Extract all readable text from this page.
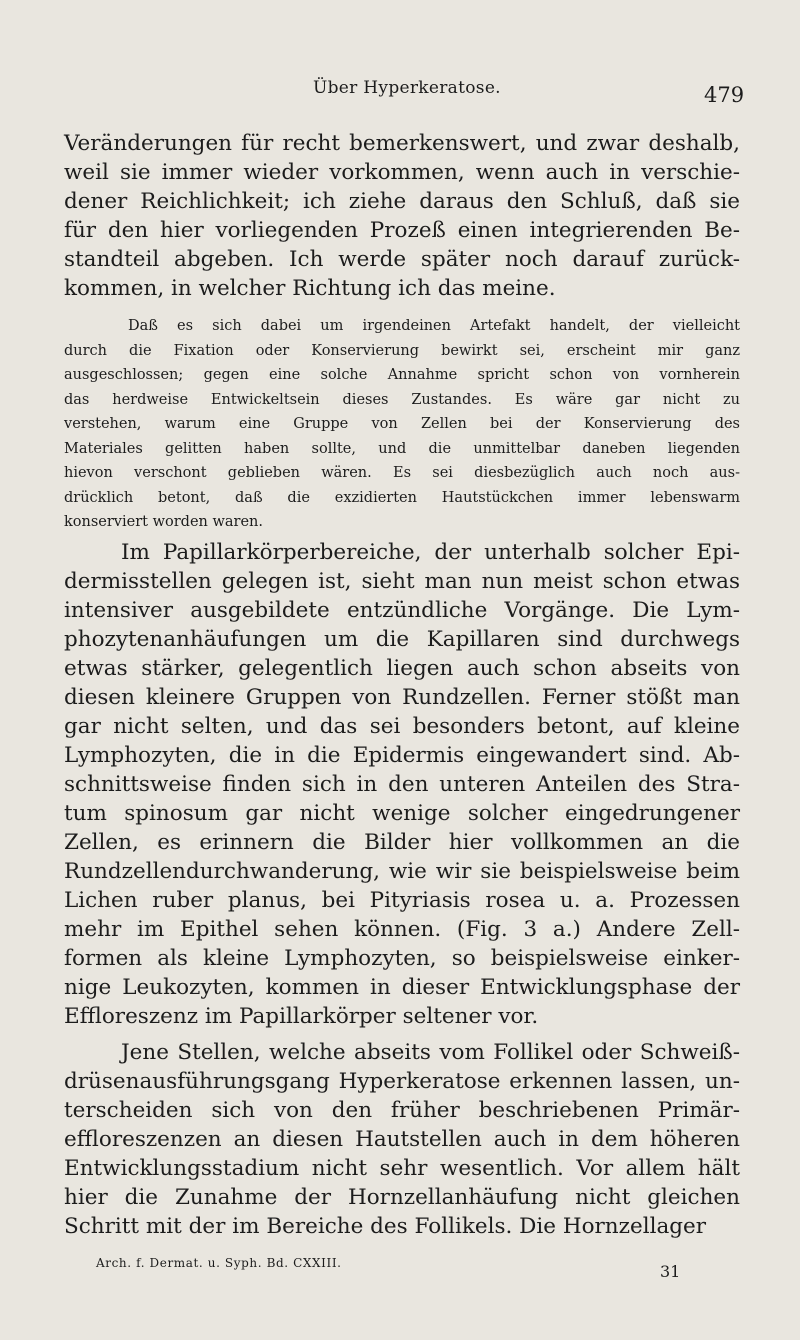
Über Hyperkeratose.	479
Veränderungen für recht bemerkenswert, und zwar deshalb,
weil sie immer wieder vorkommen, wenn auch in verschie-
dener Reichlichkeit; ich ziehe daraus den Schluß, daß sie
für den hier vorliegenden Prozeß einen integrierenden Be-
standteil abgeben. Ich werde später noch darauf zurück-
kommen, in welcher Richtung ich das meine.
Daß es sich dabei um irgendeinen Artefakt handelt, der vielleicht
durch die Fixation oder Konservierung bewirkt sei, erscheint mir ganz
ausgeschlossen; gegen eine solche Annahme spricht schon von vornherein
das herdweise Entwickeltsein dieses Zustandes. Es wäre gar nicht zu
verstehen, warum eine Gruppe von Zellen bei der Konservierung des
Materiales gelitten haben sollte, und die unmittelbar daneben liegenden
hievon verschont geblieben wären. Es sei diesbezüglich auch noch aus-
drücklich betont, daß die exzidierten Hautstückchen immer lebenswarm
konserviert worden waren.
Im Papillarkörperbereiche, der unterhalb solcher Epi-
dermisstellen gelegen ist, sieht man nun meist schon etwas
intensiver ausgebildete entzündliche Vorgänge. Die Lym-
phozytenanhäufungen um die Kapillaren sind durchwegs
etwas stärker, gelegentlich liegen auch schon abseits von
diesen kleinere Gruppen von Rundzellen. Ferner stößt man
gar nicht selten, und das sei besonders betont, auf kleine
Lymphozyten, die in die Epidermis eingewandert sind. Ab-
schnittsweise finden sich in den unteren Anteilen des Stra-
tum spinosum gar nicht wenige solcher eingedrungener
Zellen, es erinnern die Bilder hier vollkommen an die
Rundzellendurchwanderung, wie wir sie beispielsweise beim
Lichen ruber planus, bei Pityriasis rosea u. a. Prozessen
mehr im Epithel sehen können. (Fig. 3 a.) Andere Zell-
formen als kleine Lymphozyten, so beispielsweise einker-
nige Leukozyten, kommen in dieser Entwicklungsphase der
Effloreszenz im Papillarkörper seltener vor.
Jene Stellen, welche abseits vom Follikel oder Schweiß-
drüsenausführungsgang Hyperkeratose erkennen lassen, un-
terscheiden sich von den früher beschriebenen Primär-
effloreszenzen an diesen Hautstellen auch in dem höheren
Entwicklungsstadium nicht sehr wesentlich. Vor allem hält
hier die Zunahme der Hornzellanhäufung nicht gleichen
Schritt mit der im Bereiche des Follikels. Die Hornzellager
Arch. f. Dermat. u. Syph. Bd. CXXIII.	31
